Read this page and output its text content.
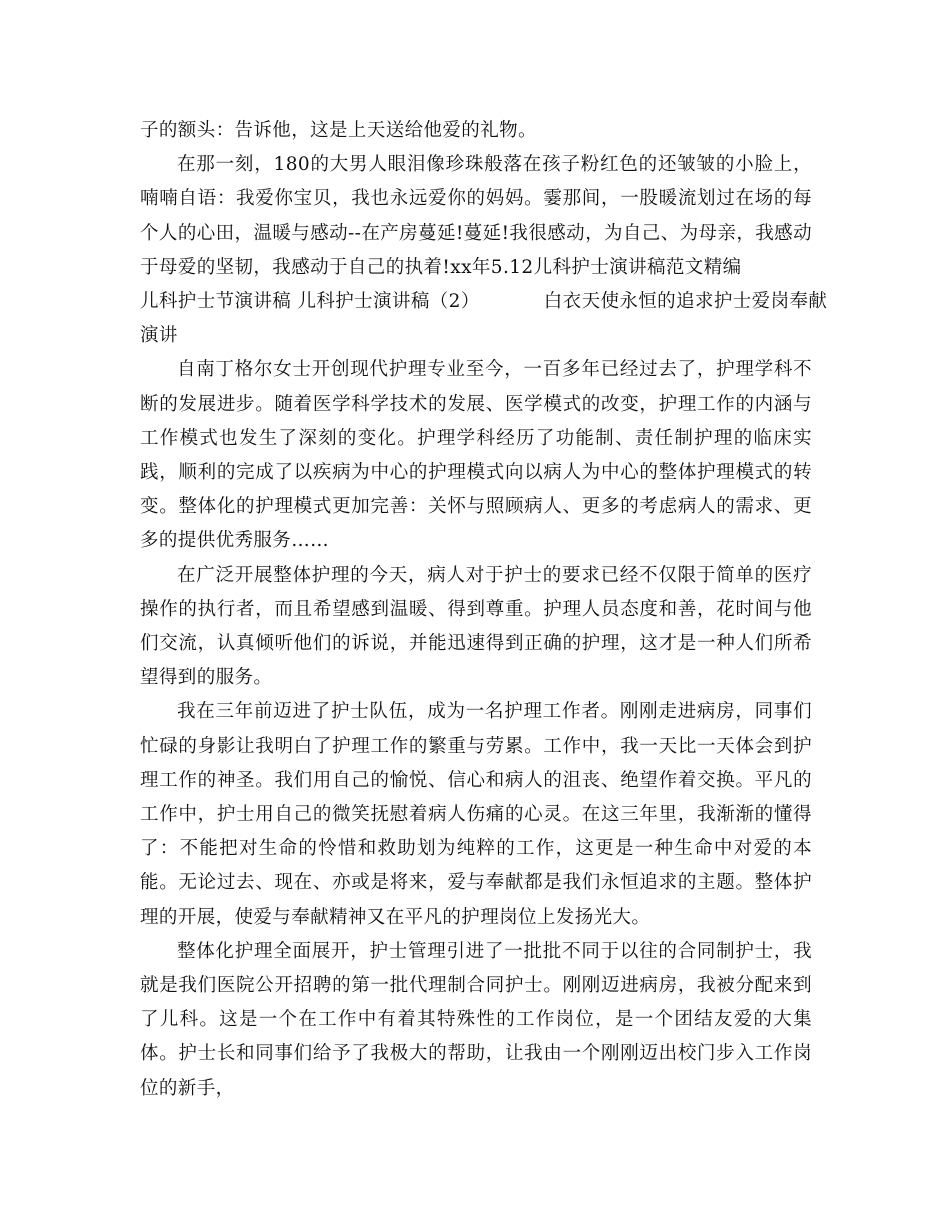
子的额头：告诉他，这是上天送给他爱的礼物。

在那一刻，180的大男人眼泪像珍珠般落在孩子粉红色的还皱皱的小脸上，喃喃自语：我爱你宝贝，我也永远爱你的妈妈。霎那间，一股暖流划过在场的每个人的心田，温暖与感动--在产房蔓延!蔓延!我很感动，为自己、为母亲，我感动于母爱的坚韧，我感动于自己的执着!xx年5.12儿科护士演讲稿范文精编

儿科护士节演讲稿 儿科护士演讲稿（2）	白衣天使永恒的追求护士爱岗奉献

演讲

自南丁格尔女士开创现代护理专业至今，一百多年已经过去了，护理学科不断的发展进步。随着医学科学技术的发展、医学模式的改变，护理工作的内涵与工作模式也发生了深刻的变化。护理学科经历了功能制、责任制护理的临床实践，顺利的完成了以疾病为中心的护理模式向以病人为中心的整体护理模式的转变。整体化的护理模式更加完善：关怀与照顾病人、更多的考虑病人的需求、更多的提供优秀服务……

在广泛开展整体护理的今天，病人对于护士的要求已经不仅限于简单的医疗操作的执行者，而且希望感到温暖、得到尊重。护理人员态度和善，花时间与他们交流，认真倾听他们的诉说，并能迅速得到正确的护理，这才是一种人们所希望得到的服务。

我在三年前迈进了护士队伍，成为一名护理工作者。刚刚走进病房，同事们忙碌的身影让我明白了护理工作的繁重与劳累。工作中，我一天比一天体会到护理工作的神圣。我们用自己的愉悦、信心和病人的沮丧、绝望作着交换。平凡的工作中，护士用自己的微笑抚慰着病人伤痛的心灵。在这三年里，我渐渐的懂得了：不能把对生命的怜惜和救助划为纯粹的工作，这更是一种生命中对爱的本能。无论过去、现在、亦或是将来，爱与奉献都是我们永恒追求的主题。整体护理的开展，使爱与奉献精神又在平凡的护理岗位上发扬光大。

整体化护理全面展开，护士管理引进了一批批不同于以往的合同制护士，我就是我们医院公开招聘的第一批代理制合同护士。刚刚迈进病房，我被分配来到了儿科。这是一个在工作中有着其特殊性的工作岗位，是一个团结友爱的大集体。护士长和同事们给予了我极大的帮助，让我由一个刚刚迈出校门步入工作岗位的新手，
